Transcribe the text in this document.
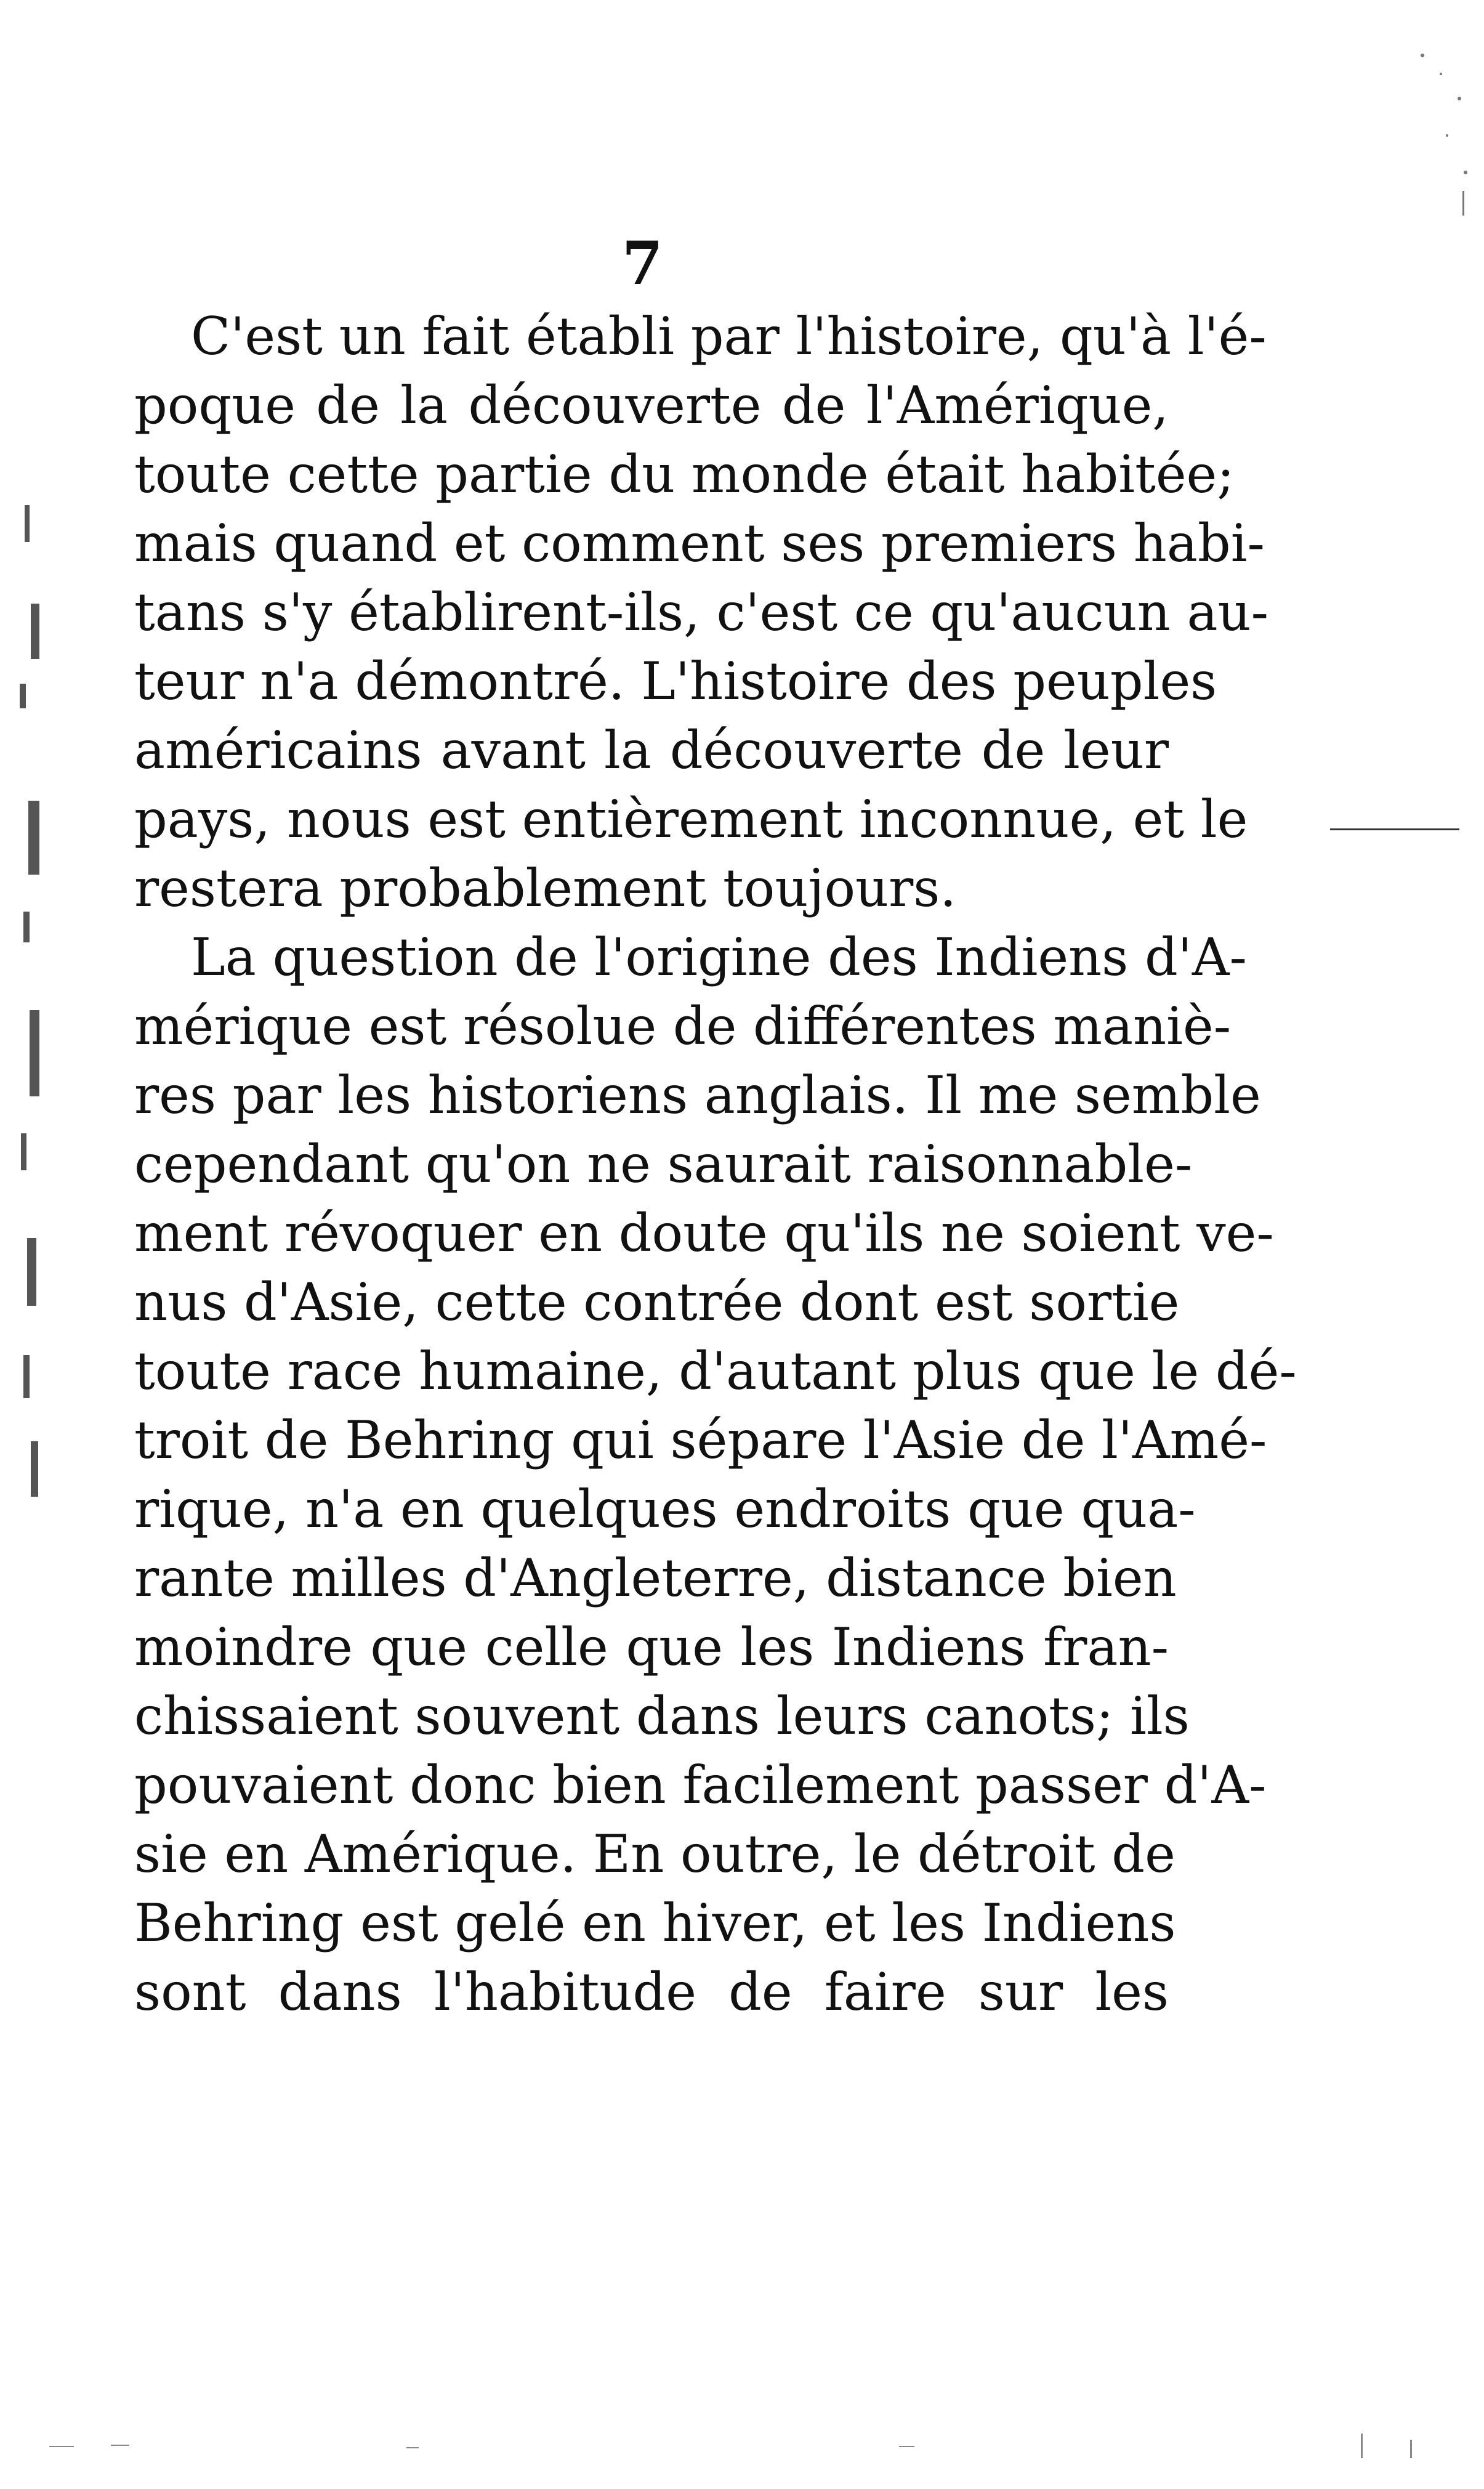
7
C'est un fait établi par l'histoire, qu'à l'é-
poque de la découverte de l'Amérique,
toute cette partie du monde était habitée;
mais quand et comment ses premiers habi-
tans s'y établirent-ils, c'est ce qu'aucun au-
teur n'a démontré. L'histoire des peuples
américains avant la découverte de leur
pays, nous est entièrement inconnue, et le
restera probablement toujours.
La question de l'origine des Indiens d'A-
mérique est résolue de différentes maniè-
res par les historiens anglais. Il me semble
cependant qu'on ne saurait raisonnable-
ment révoquer en doute qu'ils ne soient ve-
nus d'Asie, cette contrée dont est sortie
toute race humaine, d'autant plus que le dé-
troit de Behring qui sépare l'Asie de l'Amé-
rique, n'a en quelques endroits que qua-
rante milles d'Angleterre, distance bien
moindre que celle que les Indiens fran-
chissaient souvent dans leurs canots; ils
pouvaient donc bien facilement passer d'A-
sie en Amérique. En outre, le détroit de
Behring est gelé en hiver, et les Indiens
sont dans l'habitude de faire sur les
